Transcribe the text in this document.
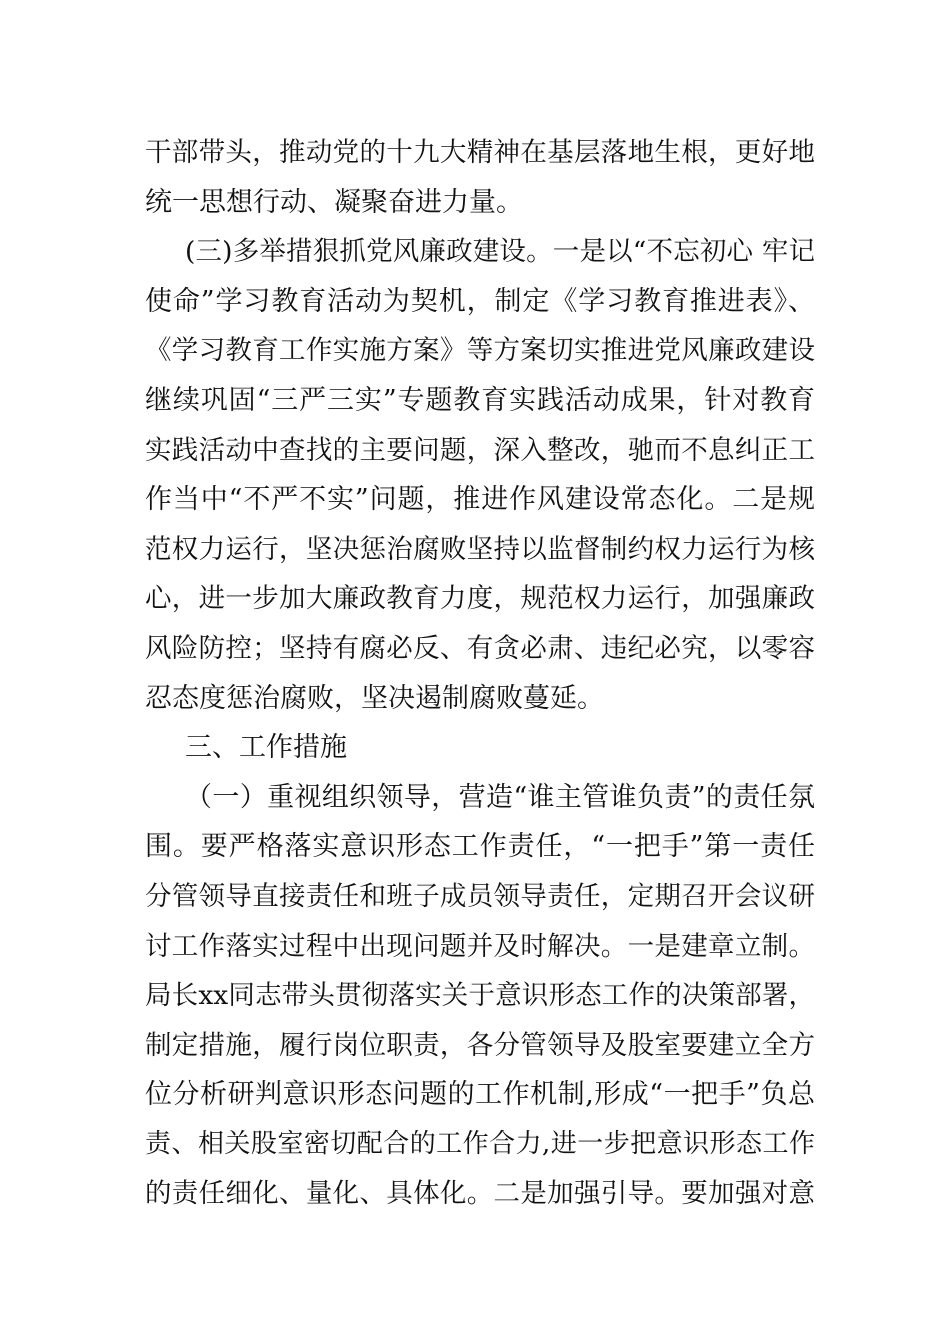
干部带头，推动党的十九大精神在基层落地生根，更好地
统一思想行动、凝聚奋进力量。
(三)多举措狠抓党风廉政建设。一是以“不忘初心 牢记
使命”学习教育活动为契机，制定《学习教育推进表》、
《学习教育工作实施方案》等方案切实推进党风廉政建设
继续巩固“三严三实”专题教育实践活动成果，针对教育
实践活动中查找的主要问题，深入整改，驰而不息纠正工
作当中“不严不实”问题，推进作风建设常态化。二是规
范权力运行，坚决惩治腐败坚持以监督制约权力运行为核
心，进一步加大廉政教育力度，规范权力运行，加强廉政
风险防控；坚持有腐必反、有贪必肃、违纪必究，以零容
忍态度惩治腐败，坚决遏制腐败蔓延。
三、工作措施
（一）重视组织领导，营造“谁主管谁负责”的责任氛
围。要严格落实意识形态工作责任，“一把手”第一责任
分管领导直接责任和班子成员领导责任，定期召开会议研
讨工作落实过程中出现问题并及时解决。一是建章立制。
局长xx同志带头贯彻落实关于意识形态工作的决策部署，
制定措施，履行岗位职责，各分管领导及股室要建立全方
位分析研判意识形态问题的工作机制,形成“一把手”负总
责、相关股室密切配合的工作合力,进一步把意识形态工作
的责任细化、量化、具体化。二是加强引导。要加强对意
